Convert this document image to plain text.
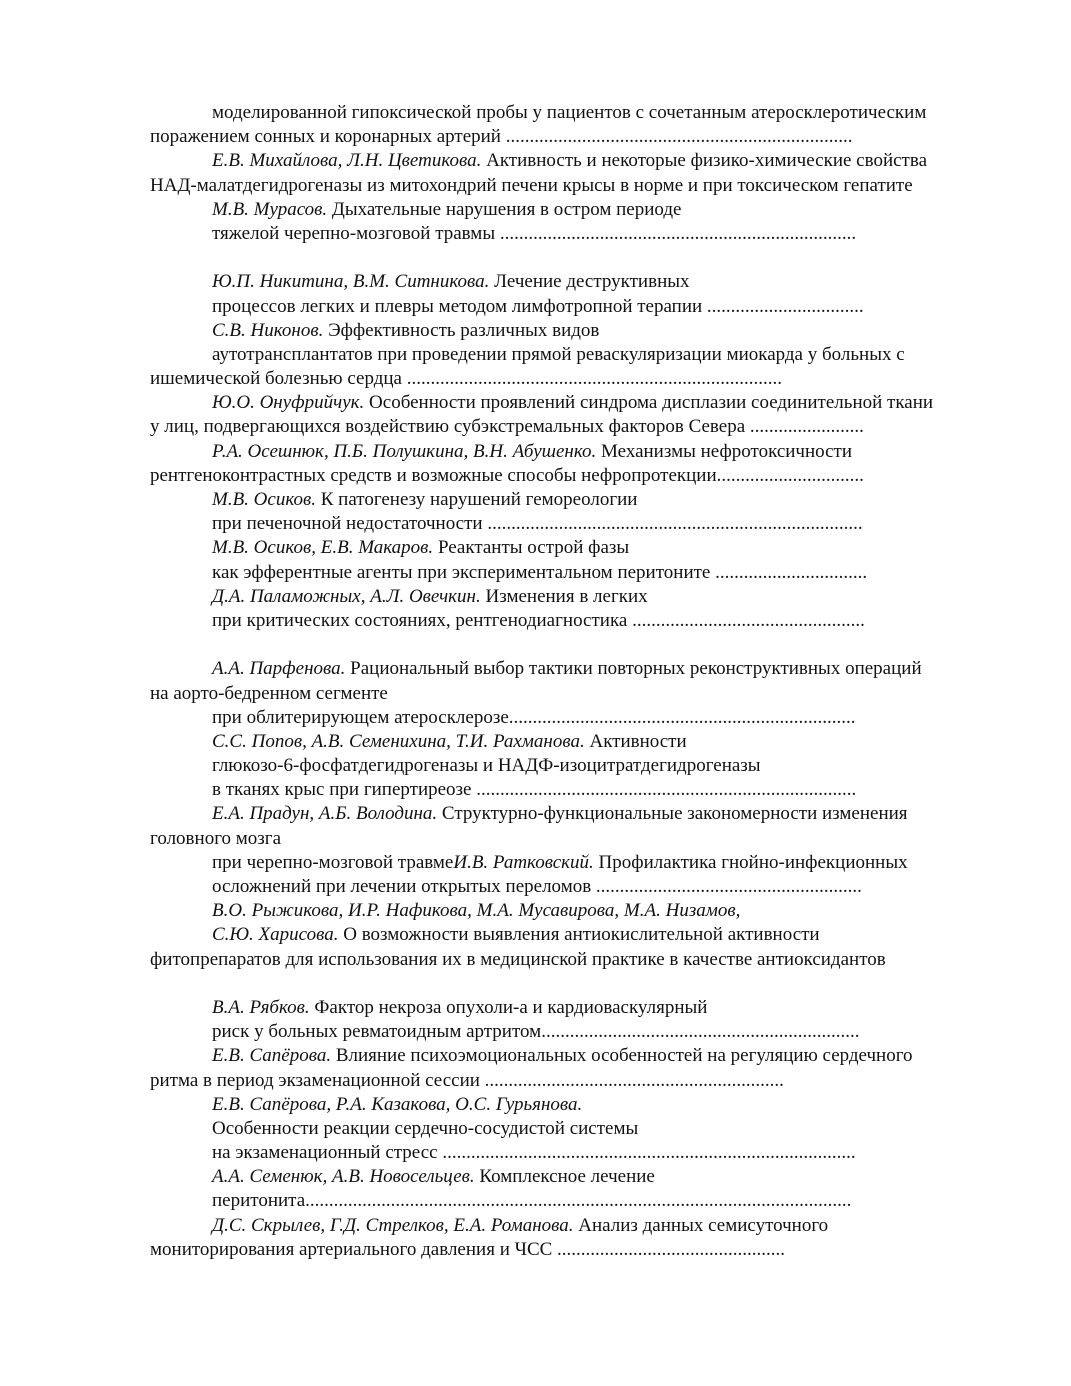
моделированной гипоксической пробы у пациентов с сочетанным атеросклеротическим
поражением сонных и коронарных артерий .........................................................................
Е.В. Михайлова, Л.Н. Цветикова. Активность и некоторые физико-химические свойства
НАД-малатдегидрогеназы из митохондрий печени крысы в норме и при токсическом гепатите
М.В. Мурасов. Дыхательные нарушения в остром периоде
тяжелой черепно-мозговой травмы ...........................................................................
Ю.П. Никитина, В.М. Ситникова. Лечение деструктивных
процессов легких и плевры методом лимфотропной терапии .................................
С.В. Никонов. Эффективность различных видов
аутотрансплантатов при проведении прямой реваскуляризации миокарда у больных с
ишемической болезнью сердца ...............................................................................
Ю.О. Онуфрийчук. Особенности проявлений синдрома дисплазии соединительной ткани
у лиц, подвергающихся воздействию субэкстремальных факторов Севера ........................
Р.А. Осешнюк, П.Б. Полушкина, В.Н. Абушенко. Механизмы нефротоксичности
рентгеноконтрастных средств и возможные способы нефропротекции...............................
М.В. Осиков. К патогенезу нарушений гемореологии
при печеночной недостаточности ...............................................................................
М.В. Осиков, Е.В. Макаров. Реактанты острой фазы
как эфферентные агенты при экспериментальном перитоните ................................
Д.А. Паламожных, А.Л. Овечкин. Изменения в легких
при критических состояниях, рентгенодиагностика .................................................
А.А. Парфенова. Рациональный выбор тактики повторных реконструктивных операций
на аорто-бедренном сегменте
при облитерирующем атеросклерозе.........................................................................
С.С. Попов, А.В. Семенихина, Т.И. Рахманова. Активности
глюкозо-6-фосфатдегидрогеназы и НАДФ-изоцитратдегидрогеназы
в тканях крыс при гипертиреозе ................................................................................
Е.А. Прадун, А.Б. Володина. Структурно-функциональные закономерности изменения
головного мозга
при черепно-мозговой травмеИ.В. Ратковский. Профилактика гнойно-инфекционных
осложнений при лечении открытых переломов ........................................................
В.О. Рыжикова, И.Р. Нафикова, М.А. Мусавирова, М.А. Низамов,
С.Ю. Харисова. О возможности выявления антиокислительной активности
фитопрепаратов для использования их в медицинской практике в качестве антиоксидантов
В.А. Рябков. Фактор некроза опухоли-а и кардиоваскулярный
риск у больных ревматоидным артритом...................................................................
Е.В. Сапёрова. Влияние психоэмоциональных особенностей на регуляцию сердечного
ритма в период экзаменационной сессии ...............................................................
Е.В. Сапёрова, Р.А. Казакова, О.С. Гурьянова.
Особенности реакции сердечно-сосудистой системы
на экзаменационный стресс .......................................................................................
А.А. Семенюк, А.В. Новосельцев. Комплексное лечение
перитонита...................................................................................................................
Д.С. Скрылев, Г.Д. Стрелков, Е.А. Романова. Анализ данных семисуточного
мониторирования артериального давления и ЧСС ................................................
